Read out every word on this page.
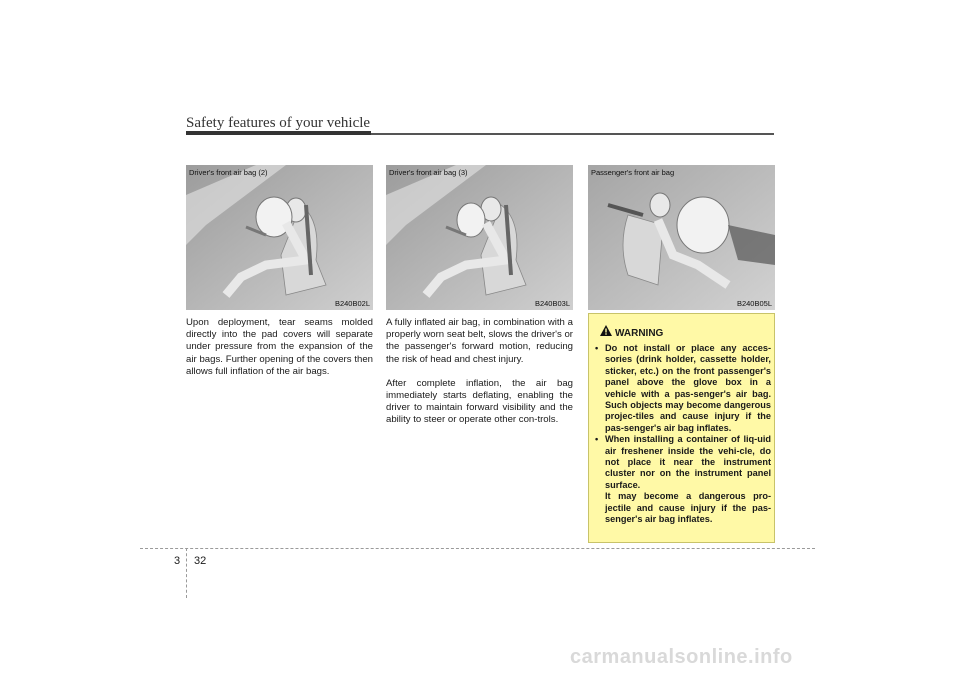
Safety features of your vehicle
Driver's front air bag (2)
B240B02L
Driver's front air bag (3)
B240B03L
Passenger's front air bag
B240B05L

Upon deployment, tear seams molded directly into the pad covers will separate under pressure from the expansion of the air bags. Further opening of the covers then allows full inflation of the air bags.

A fully inflated air bag, in combination with a properly worn seat belt, slows the driver's or the passenger's forward motion, reducing the risk of head and chest injury.

After complete inflation, the air bag immediately starts deflating, enabling the driver to maintain forward visibility and the ability to steer or operate other con-trols.

WARNING
• Do not install or place any acces-sories (drink holder, cassette holder, sticker, etc.) on the front passenger's panel above the glove box in a vehicle with a pas-senger's air bag. Such objects may become dangerous projec-tiles and cause injury if the pas-senger's air bag inflates.
• When installing a container of liq-uid air freshener inside the vehi-cle, do not place it near the instrument cluster nor on the instrument panel surface.
It may become a dangerous pro-jectile and cause injury if the pas-senger's air bag inflates.
3 32
carmanualsonline.info
